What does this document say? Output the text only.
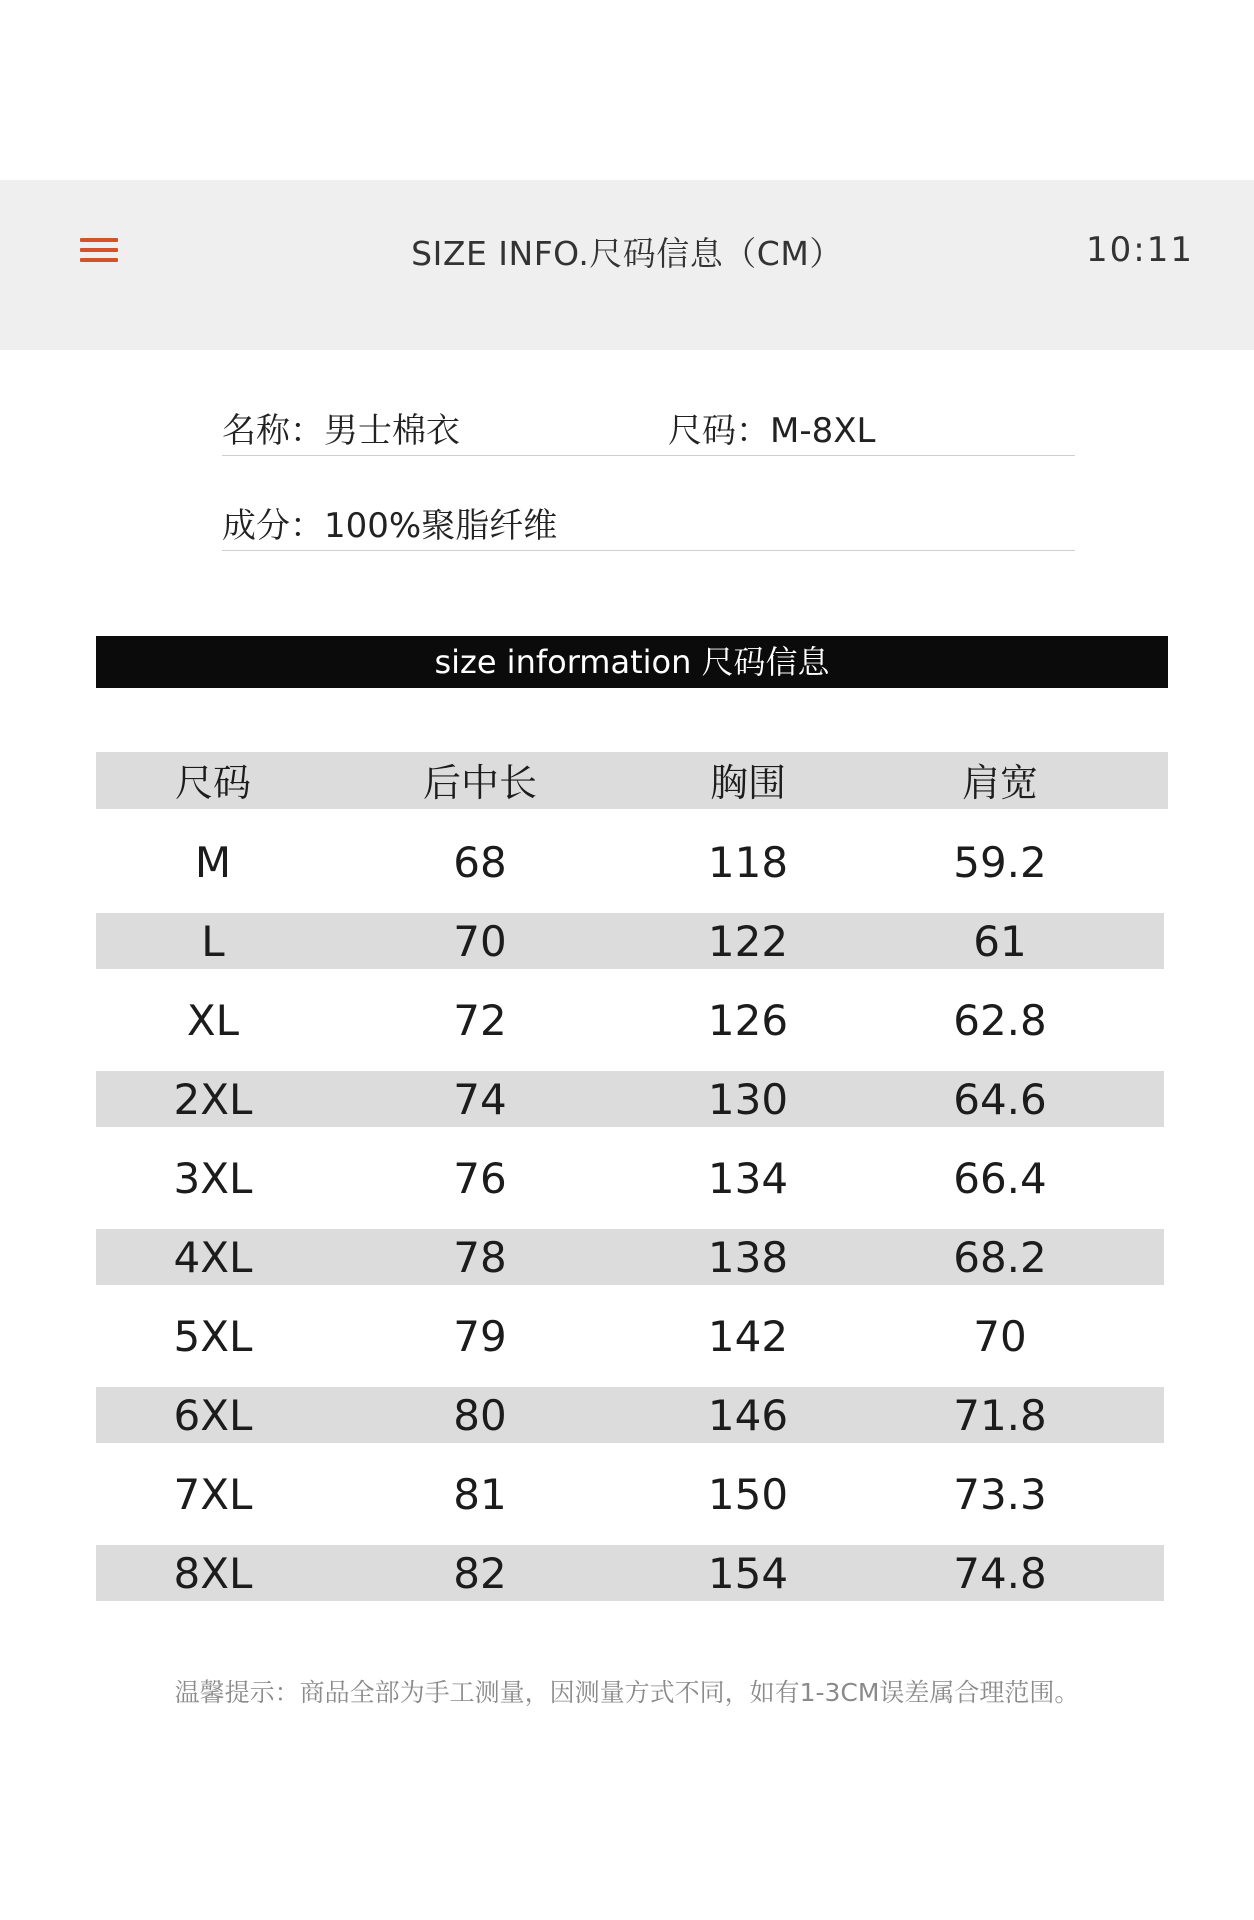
SIZE INFO.尺码信息（CM）	10:11
名称：男士棉衣	尺码：M-8XL
成分：100%聚脂纤维
size information 尺码信息
尺码	后中长	胸围	肩宽
M	68	118	59.2
L	70	122	61
XL	72	126	62.8
2XL	74	130	64.6
3XL	76	134	66.4
4XL	78	138	68.2
5XL	79	142	70
6XL	80	146	71.8
7XL	81	150	73.3
8XL	82	154	74.8
温馨提示：商品全部为手工测量，因测量方式不同，如有1-3CM误差属合理范围。
